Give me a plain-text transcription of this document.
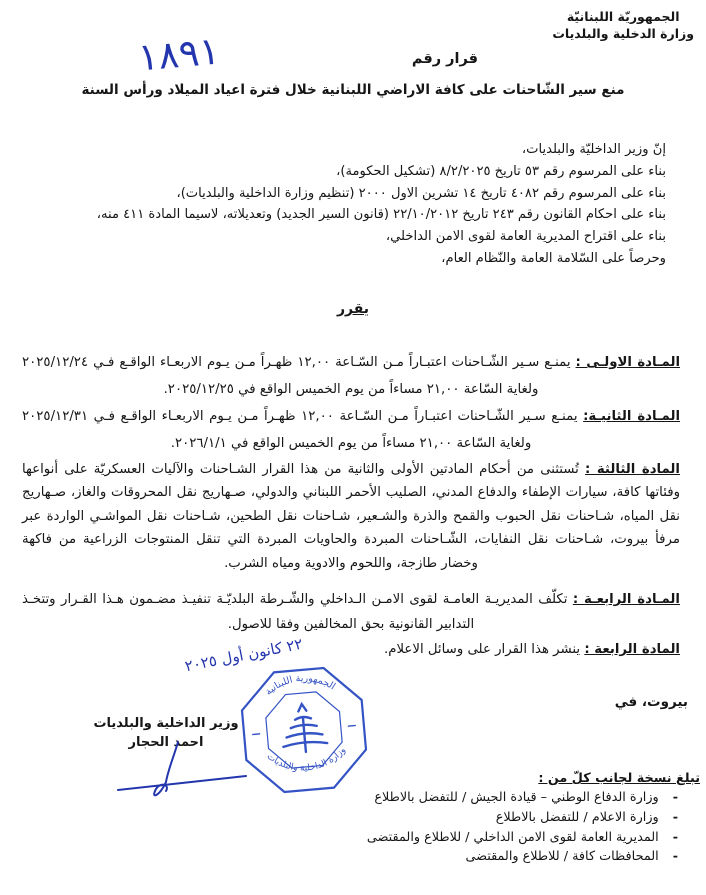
الجمهوريّة اللبنانيّة
وزارة الدخلية والبلديات
قرار رقم
١٨٩١
منع سير الشّاحنات على كافة الاراضي اللبنانية خلال فترة اعياد الميلاد ورأس السنة
إنّ وزير الداخليّة والبلديات،
بناء على المرسوم رقم ٥٣ تاريخ ٨/٢/٢٠٢٥ (تشكيل الحكومة)،
بناء على المرسوم رقم ٤٠٨٢ تاريخ ١٤ تشرين الاول ٢٠٠٠ (تنظيم وزارة الداخلية والبلديات)،
بناء على احكام القانون رقم ٢٤٣ تاريخ ٢٢/١٠/٢٠١٢ (قانون السير الجديد) وتعديلاته، لاسيما المادة ٤١١ منه،
بناء على اقتراح المديرية العامة لقوى الامن الداخلي،
وحرصاً على السّلامة العامة والنّظام العام،
يقرر
المـادة الاولـى : يمنـع سـير الشّـاحنات اعتبـاراً مـن السّـاعة ١٢,٠٠ ظهـراً مـن يـوم الاربعـاء الواقـع فـي ٢٠٢٥/١٢/٢٤ ولغاية السّاعة ٢١,٠٠ مساءاً من يوم الخميس الواقع في ٢٠٢٥/١٢/٢٥.
المـادة الثانيـة: يمنـع سـير الشّـاحنات اعتبـاراً مـن السّـاعة ١٢,٠٠ ظهـراً مـن يـوم الاربعـاء الواقـع فـي ٢٠٢٥/١٢/٣١ ولغاية السّاعة ٢١,٠٠ مساءاً من يوم الخميس الواقع في ٢٠٢٦/١/١.
المادة الثالثة : تُستثنى من أحكام المادتين الأولى والثانية من هذا القرار الشـاحنات والآليات العسكريّة على أنواعها وفئاتها كافة، سيارات الإطفاء والدفاع المدني، الصليب الأحمر اللبناني والدولي، صـهاريج نقل المحروقات والغاز، صـهاريج نقل المياه، شـاحنات نقل الحبوب والقمح والذرة والشـعير، شـاحنات نقل الطحين، شـاحنات نقل المواشـي الواردة عبر مرفأ بيروت، شـاحنات نقل النفايات، الشّـاحنات المبردة والحاويات المبردة التي تنقل المنتوجات الزراعية من فاكهة وخضار طازجة، واللحوم والادوية ومياه الشرب.
المـادة الرابعـة : تكلّف المديريـة العامـة لقوى الامـن الـداخلي والشّـرطة البلديّـة تنفيـذ مضـمون هـذا القـرار وتتخـذ التدابير القانونية بحق المخالفين وفقا للاصول.
المادة الرابعة : ينشر هذا القرار على وسائل الاعلام.
بيروت، في
٢٢ كانون أول ٢٠٢٥
الجمهورية اللبنانية
وزارة الداخلية والبلديات
وزير الداخلية والبلديات
احمد الحجار
تبلغ نسخة لجانب كلّ من :
-وزارة الدفاع الوطني – قيادة الجيش / للتفضل بالاطلاع
-وزارة الاعلام / للتفضل بالاطلاع
-المديرية العامة لقوى الامن الداخلي / للاطلاع والمقتضى
-المحافظات كافة / للاطلاع والمقتضى
